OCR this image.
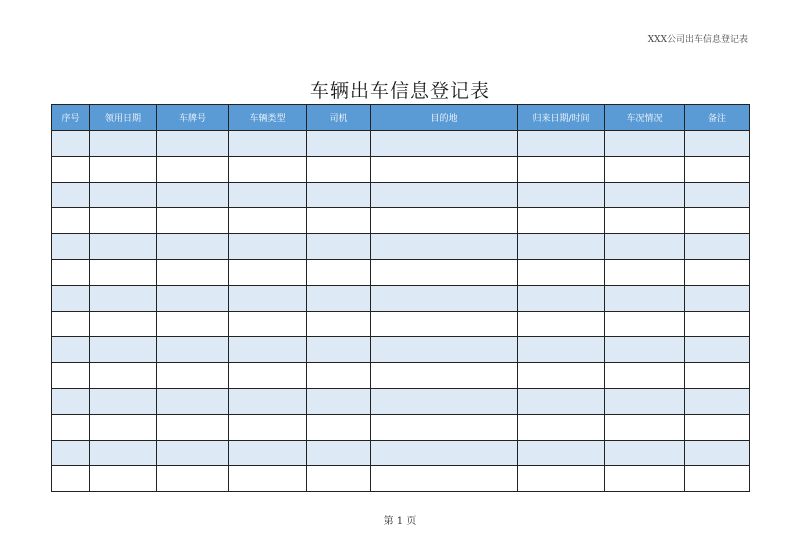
XXX公司出车信息登记表
车辆出车信息登记表
序号	领用日期	车牌号	车辆类型	司机	目的地	归来日期/时间	车况情况	备注

第 1 页
